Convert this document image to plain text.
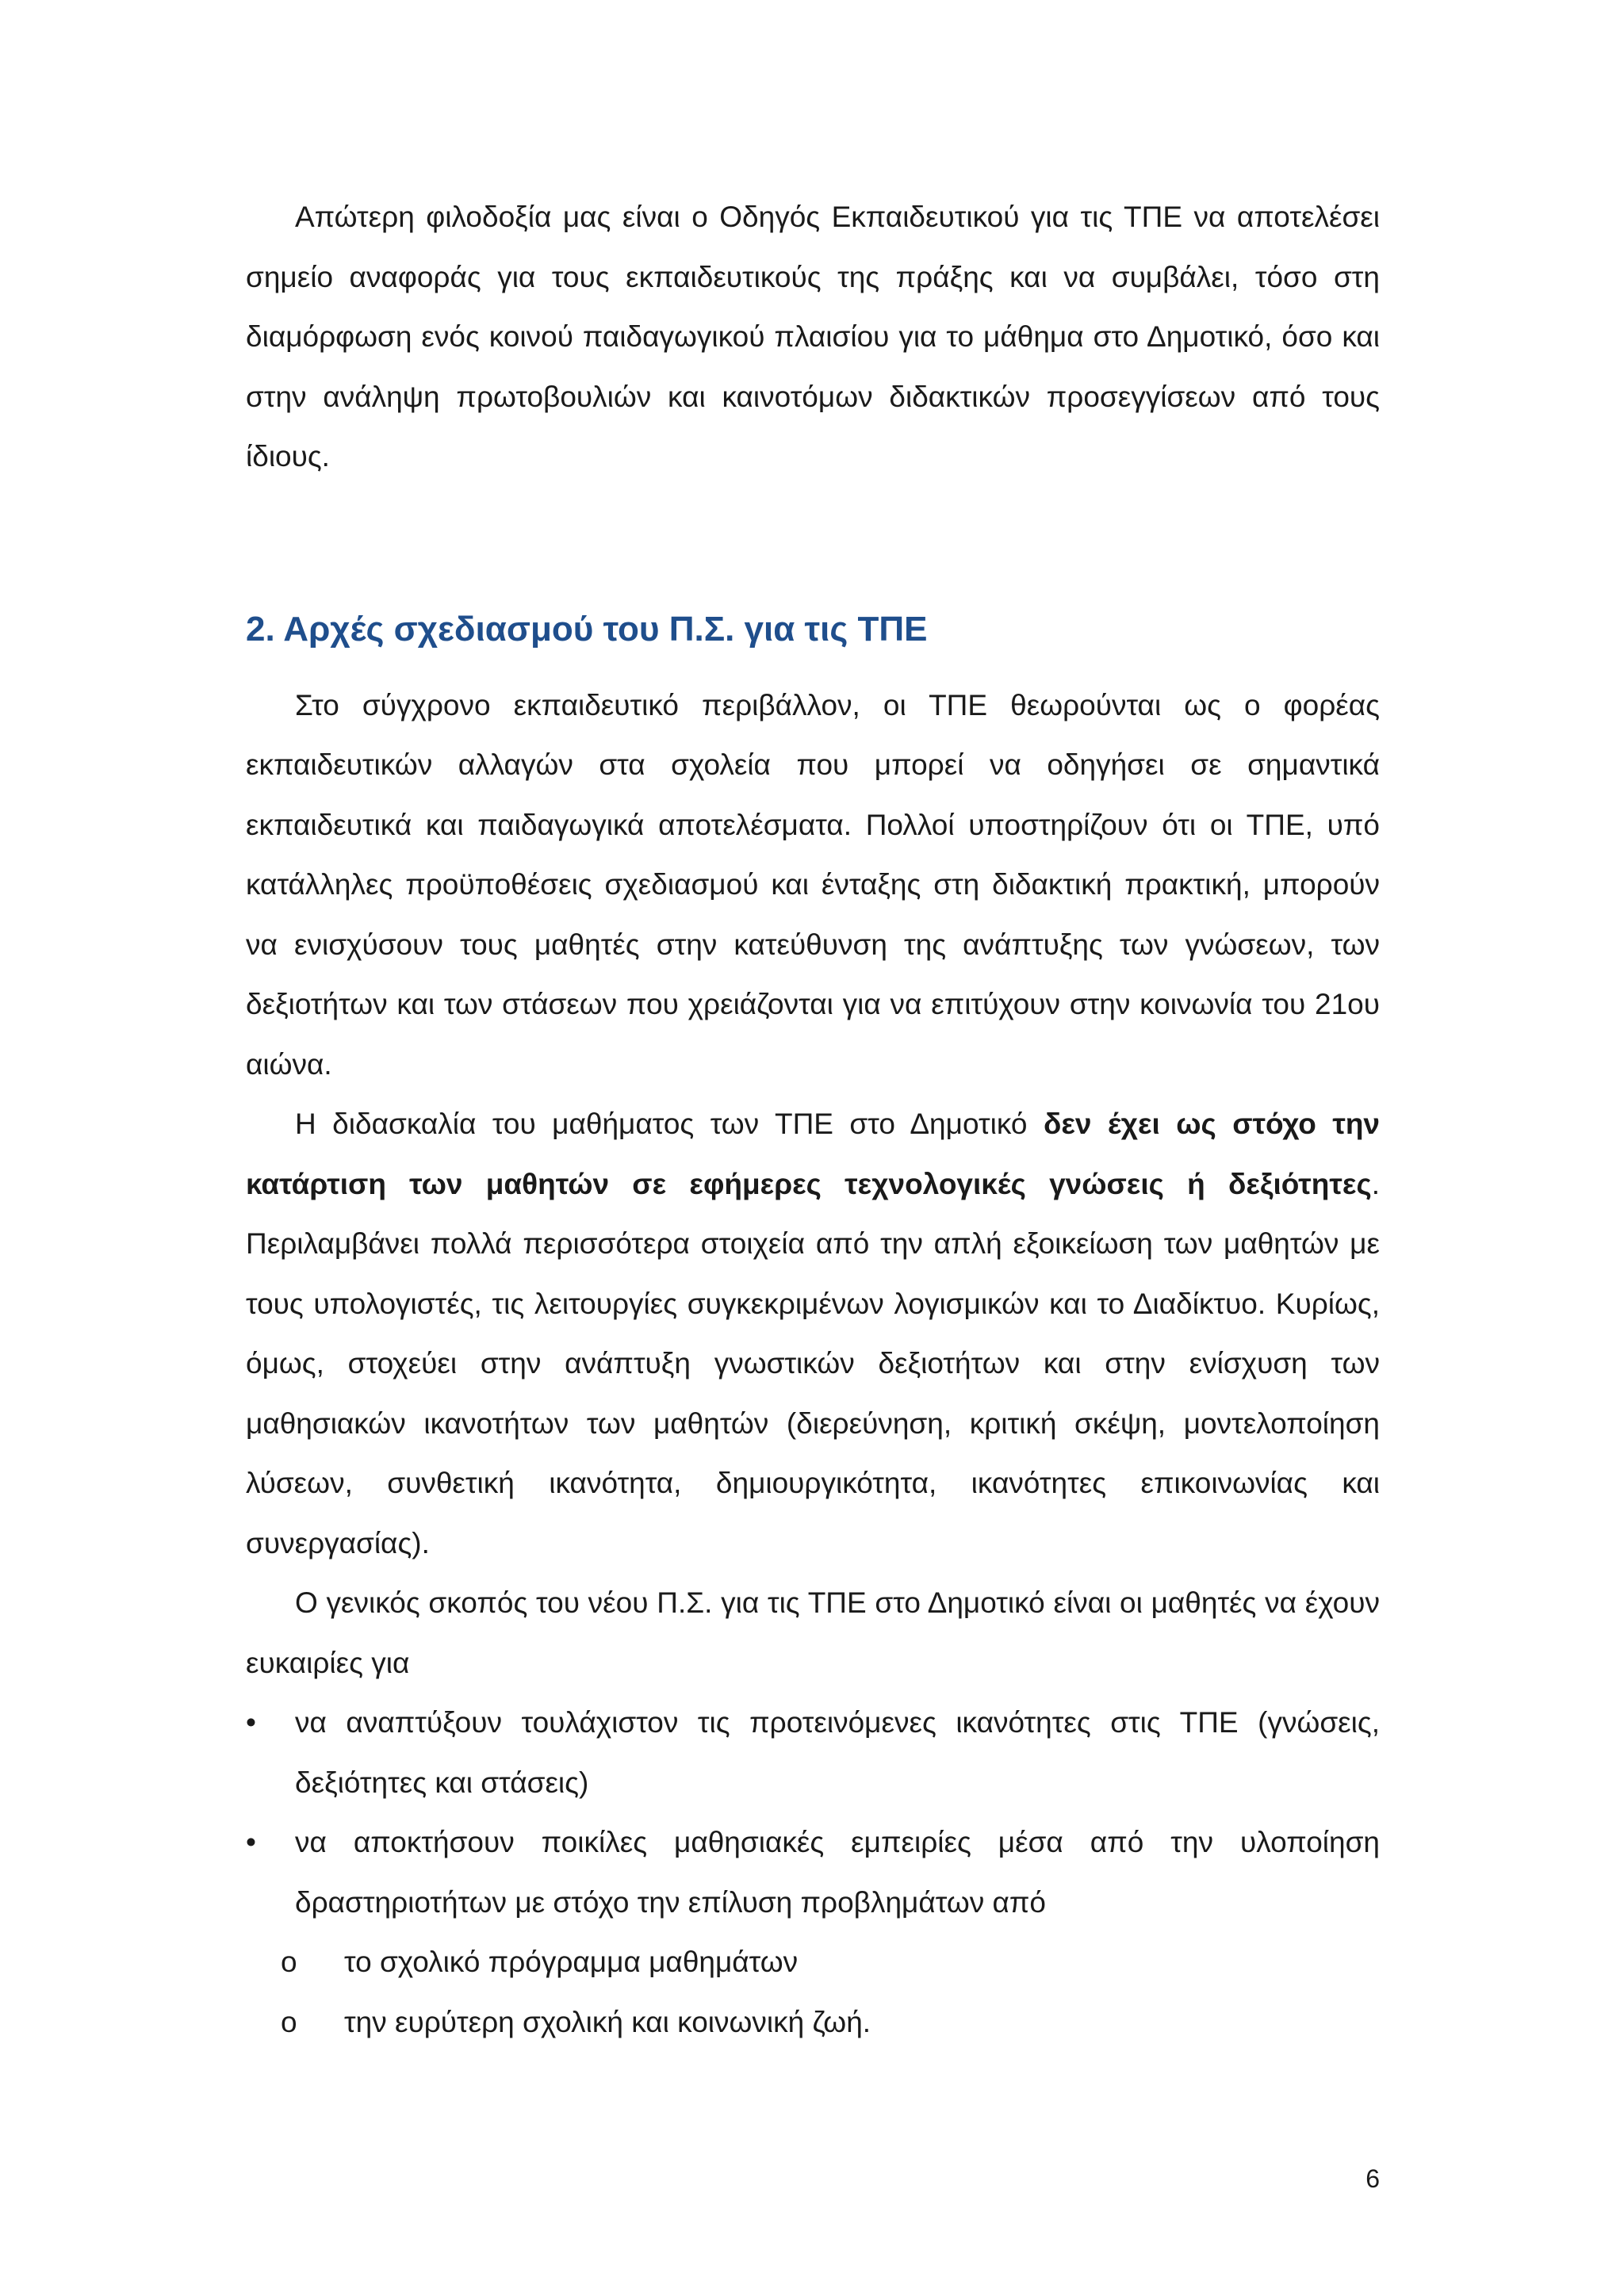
Απώτερη φιλοδοξία μας είναι ο Οδηγός Εκπαιδευτικού για τις ΤΠΕ να αποτελέσει σημείο αναφοράς για τους εκπαιδευτικούς της πράξης και να συμβάλει, τόσο στη διαμόρφωση ενός κοινού παιδαγωγικού πλαισίου για το μάθημα στο Δημοτικό, όσο και στην ανάληψη πρωτοβουλιών και καινοτόμων διδακτικών προσεγγίσεων από τους ίδιους.

2. Αρχές σχεδιασμού του Π.Σ. για τις ΤΠΕ

Στο σύγχρονο εκπαιδευτικό περιβάλλον, οι ΤΠΕ θεωρούνται ως ο φορέας εκπαιδευτικών αλλαγών στα σχολεία που μπορεί να οδηγήσει σε σημαντικά εκπαιδευτικά και παιδαγωγικά αποτελέσματα. Πολλοί υποστηρίζουν ότι οι ΤΠΕ, υπό κατάλληλες προϋποθέσεις σχεδιασμού και ένταξης στη διδακτική πρακτική, μπορούν να ενισχύσουν τους μαθητές στην κατεύθυνση της ανάπτυξης των γνώσεων, των δεξιοτήτων και των στάσεων που χρειάζονται για να επιτύχουν στην κοινωνία του 21ου αιώνα.

Η διδασκαλία του μαθήματος των ΤΠΕ στο Δημοτικό δεν έχει ως στόχο την κατάρτιση των μαθητών σε εφήμερες τεχνολογικές γνώσεις ή δεξιότητες. Περιλαμβάνει πολλά περισσότερα στοιχεία από την απλή εξοικείωση των μαθητών με τους υπολογιστές, τις λειτουργίες συγκεκριμένων λογισμικών και το Διαδίκτυο. Κυρίως, όμως, στοχεύει στην ανάπτυξη γνωστικών δεξιοτήτων και στην ενίσχυση των μαθησιακών ικανοτήτων των μαθητών (διερεύνηση, κριτική σκέψη, μοντελοποίηση λύσεων, συνθετική ικανότητα, δημιουργικότητα, ικανότητες επικοινωνίας και συνεργασίας).

Ο γενικός σκοπός του νέου Π.Σ. για τις ΤΠΕ στο Δημοτικό είναι οι μαθητές να έχουν ευκαιρίες για

•	να αναπτύξουν τουλάχιστον τις προτεινόμενες ικανότητες στις ΤΠΕ (γνώσεις, δεξιότητες και στάσεις)
•	να αποκτήσουν ποικίλες μαθησιακές εμπειρίες μέσα από την υλοποίηση δραστηριοτήτων με στόχο την επίλυση προβλημάτων από
o	το σχολικό πρόγραμμα μαθημάτων
o	την ευρύτερη σχολική και κοινωνική ζωή.
6
